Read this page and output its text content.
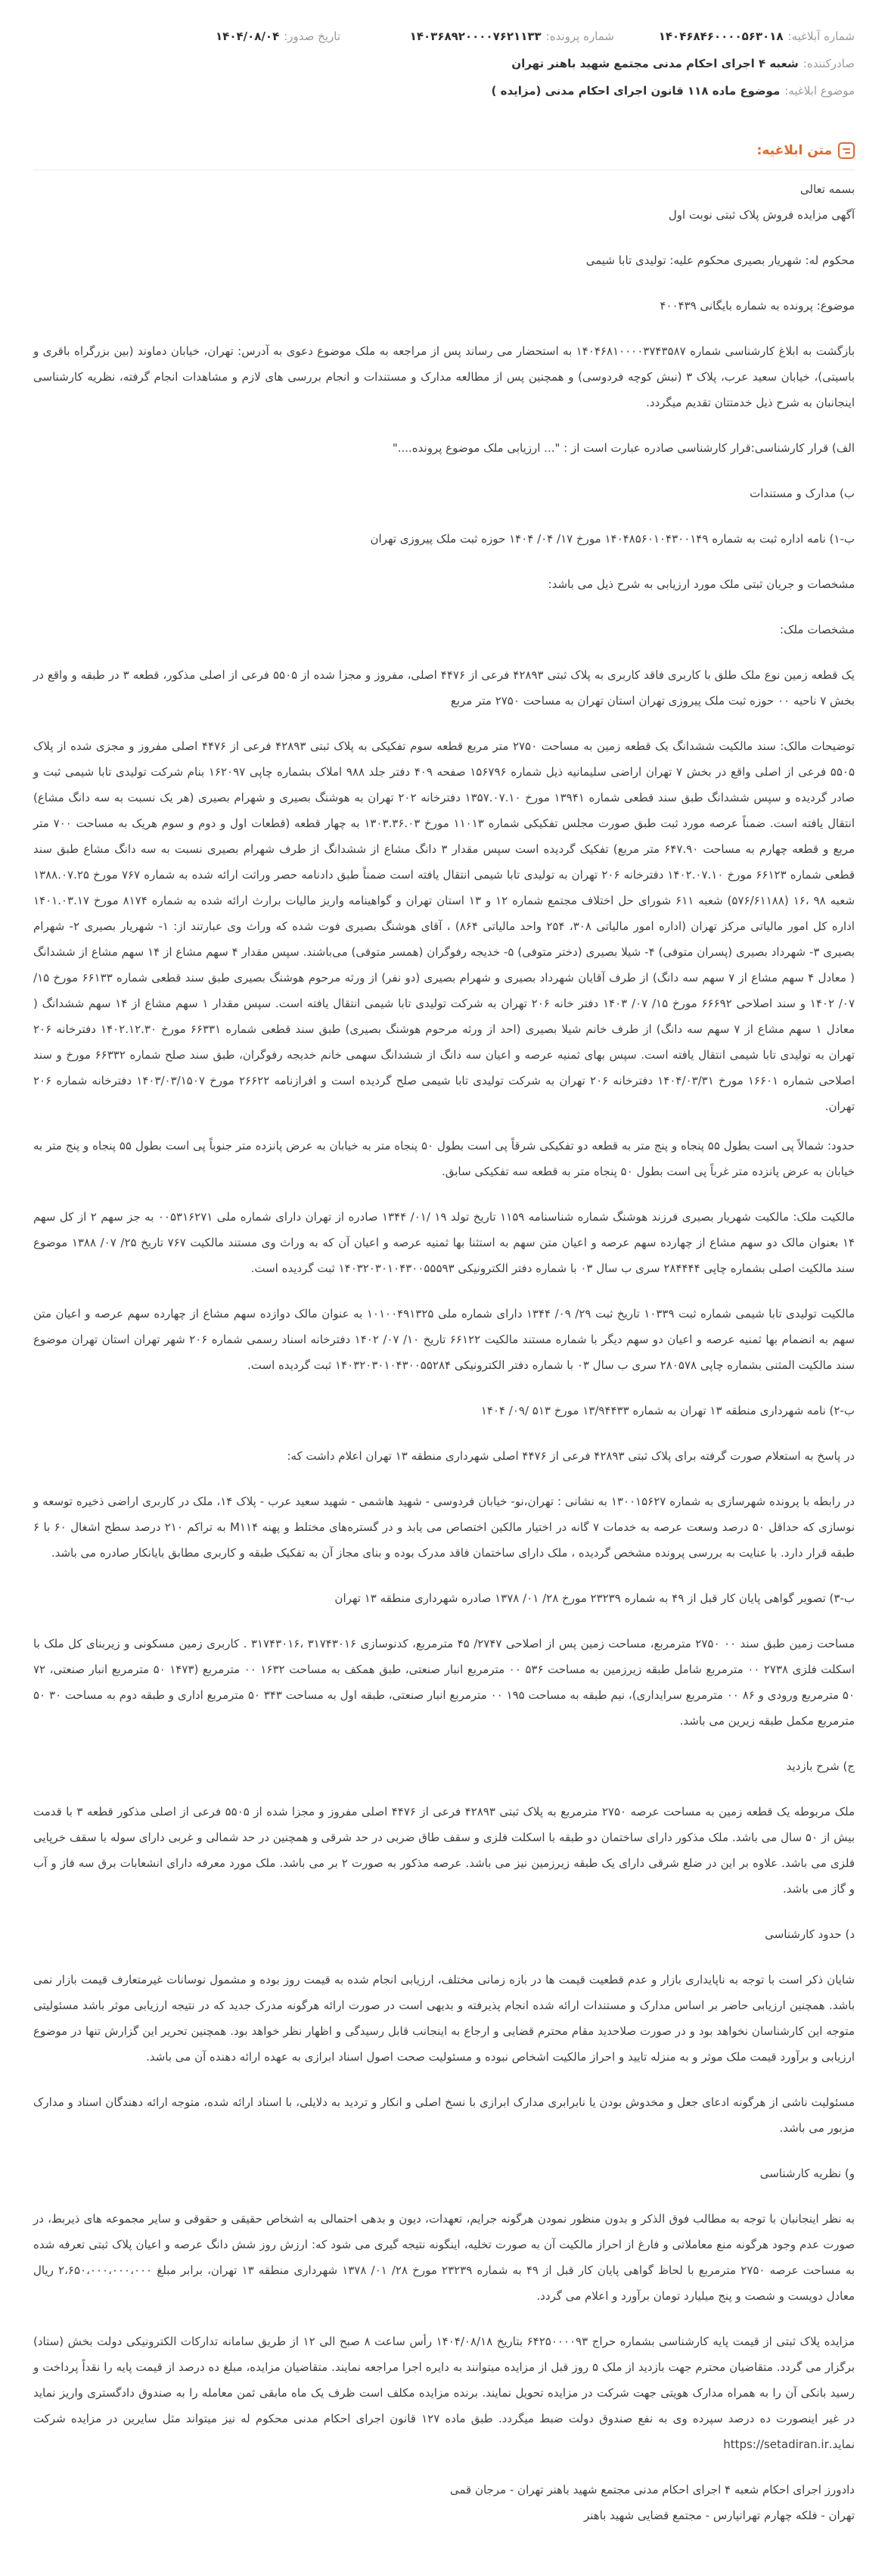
شماره آبلاغیه:
۱۴۰۴۶۸۴۶۰۰۰۰۵۶۳۰۱۸
شماره پرونده:
۱۴۰۳۶۸۹۲۰۰۰۰۷۶۲۱۱۳۳
تاریخ صدور:
۱۴۰۴/۰۸/۰۴
صادرکننده:
شعبه ۴ اجرای احکام مدنی مجتمع شهید باهنر تهران
موضوع ابلاغیه:
موضوع ماده ۱۱۸ قانون اجرای احکام مدنی (مزایده )
متن ابلاغیه:

بسمه تعالی

آگهی مزایده فروش پلاک ثبتی نوبت اول

محکوم له: شهریار بصیری محکوم علیه: تولیدی تابا شیمی

موضوع: پرونده به شماره بایگانی ۴۰۰۴۳۹

بازگشت به ابلاغ کارشناسی شماره ۱۴۰۴۶۸۱۰۰۰۰۳۷۴۳۵۸۷ به استحضار می رساند پس از مراجعه به ملک موضوع دعوی به آدرس: تهران، خیابان دماوند (بین بزرگراه باقری و باسیتی)، خیابان سعید عرب، پلاک ۳ (نبش کوچه فردوسی) و همچنین پس از مطالعه مدارک و مستندات و انجام بررسی های لازم و مشاهدات انجام گرفته، نظریه کارشناسی اینجانبان به شرح ذیل خدمتتان تقدیم میگردد.

الف) قرار کارشناسی:قرار کارشناسی صادره عبارت است از : "... ارزیابی ملک موضوع پرونده...."

ب) مدارک و مستندات

ب-۱) نامه اداره ثبت به شماره ۱۴۰۴۸۵۶۰۱۰۴۳۰۰۱۴۹ مورخ ۱۷/ ۰۴/ ۱۴۰۴ حوزه ثبت ملک پیروزی تهران

مشخصات و جریان ثبتی ملک مورد ارزیابی به شرح ذیل می باشد:

مشخصات ملک:

یک قطعه زمین نوع ملک طلق با کاربری فاقد کاربری به پلاک ثبتی ۴۲۸۹۳ فرعی از ۴۴۷۶ اصلی، مفروز و مجزا شده از ۵۵۰۵ فرعی از اصلی مذکور، قطعه ۳ در طبقه و واقع در بخش ۷ ناحیه ۰۰ حوزه ثبت ملک پیروزی تهران استان تهران به مساحت ۲۷۵۰ متر مربع

توضیحات مالک: سند مالکیت ششدانگ یک قطعه زمین به مساحت ۲۷۵۰ متر مربع قطعه سوم تفکیکی به پلاک ثبتی ۴۲۸۹۳ فرعی از ۴۴۷۶ اصلی مفروز و مجزی شده از پلاک ۵۵۰۵ فرعی از اصلی واقع در بخش ۷ تهران اراضی سلیمانیه ذیل شماره ۱۵۶۷۹۶ صفحه ۴۰۹ دفتر جلد ۹۸۸ املاک بشماره چاپی ۱۶۲۰۹۷ بنام شرکت تولیدی تابا شیمی ثبت و صادر گردیده و سپس ششدانگ طبق سند قطعی شماره ۱۳۹۴۱ مورخ ۱۳۵۷.۰۷.۱۰ دفترخانه ۲۰۲ تهران به هوشنگ بصیری و شهرام بصیری (هر یک نسبت به سه دانگ مشاع) انتقال یافته است. ضمناً عرصه مورد ثبت طبق صورت مجلس تفکیکی شماره ۱۱۰۱۳ مورخ ۱۳۰۳.۳۶.۰۳ به چهار قطعه (قطعات اول و دوم و سوم هریک به مساحت ۷۰۰ متر مربع و قطعه چهارم به مساحت ۶۴۷.۹۰ متر مربع) تفکیک گردیده است سپس مقدار ۳ دانگ مشاع از ششدانگ از طرف شهرام بصیری نسبت به سه دانگ مشاع طبق سند قطعی شماره ۶۶۱۲۳ مورخ ۱۴۰۲.۰۷.۱۰ دفترخانه ۲۰۶ تهران به تولیدی تابا شیمی انتقال یافته است ضمناً طبق دادنامه حصر وراثت ارائه شده به شماره ۷۶۷ مورخ ۱۳۸۸.۰۷.۲۵ شعبه ۹۸ ،۱۶ (۵۷۶/۶۱۱۸۸) شعبه ۶۱۱ شورای حل اختلاف مجتمع شماره ۱۲ و ۱۳ استان تهران و گواهینامه واریز مالیات برارث ارائه شده به شماره ۸۱۷۴ مورخ ۱۴۰۱.۰۳.۱۷ اداره کل امور مالیاتی مرکز تهران (اداره امور مالیاتی ۳۰۸، ۲۵۴ واحد مالیاتی ۸۶۴) ، آقای هوشنگ بصیری فوت شده که وراث وی عبارتند از: ۱- شهریار بصیری ۲- شهرام بصیری ۳- شهرداد بصیری (پسران متوفی) ۴- شیلا بصیری (دختر متوفی) ۵- خدیجه رفوگران (همسر متوفی) می‌باشند. سپس مقدار ۴ سهم مشاع از ۱۴ سهم مشاع از ششدانگ ( معادل ۴ سهم مشاع از ۷ سهم سه دانگ) از طرف آقایان شهرداد بصیری و شهرام بصیری (دو نفر) از ورثه مرحوم هوشنگ بصیری طبق سند قطعی شماره ۶۶۱۳۳ مورخ ۱۵/ ۰۷/ ۱۴۰۲ و سند اصلاحی ۶۶۶۹۲ مورخ ۱۵/ ۰۷/ ۱۴۰۳ دفتر خانه ۲۰۶ تهران به شرکت تولیدی تابا شیمی انتقال یافته است. سپس مقدار ۱ سهم مشاع از ۱۴ سهم ششدانگ ( معادل ۱ سهم مشاع از ۷ سهم سه دانگ) از طرف خانم شیلا بصیری (احد از ورثه مرحوم هوشنگ بصیری) طبق سند قطعی شماره ۶۶۳۳۱ مورخ ۱۴۰۲.۱۲.۳۰ دفترخانه ۲۰۶ تهران به تولیدی تابا شیمی انتقال یافته است. سپس بهای ثمنیه عرصه و اعیان سه دانگ از ششدانگ سهمی خانم خدیجه رفوگران، طبق سند صلح شماره ۶۶۳۳۲ مورخ و سند اصلاحی شماره ۱۶۶۰۱ مورخ ۱۴۰۴/۰۳/۳۱ دفترخانه ۲۰۶ تهران به شرکت تولیدی تابا شیمی صلح گردیده است و افرازنامه ۲۶۶۲۲ مورخ ۱۴۰۳/۰۳/۱۵۰۷ دفترخانه شماره ۲۰۶ تهران.

حدود: شمالاً پی است بطول ۵۵ پنجاه و پنج متر به قطعه دو تفکیکی شرقاً پی است بطول ۵۰ پنجاه متر به خیابان به عرض پانزده متر جنوباً پی است بطول ۵۵ پنجاه و پنج متر به خیابان به عرض پانزده متر غرباً پی است بطول ۵۰ پنجاه متر به قطعه سه تفکیکی سابق.

مالکیت ملک: مالکیت شهریار بصیری فرزند هوشنگ شماره شناسنامه ۱۱۵۹ تاریخ تولد ۱۹ /۰۱/ ۱۳۴۴ صادره از تهران دارای شماره ملی ۰۰۵۳۱۶۲۷۱ به جز سهم ۲ از کل سهم ۱۴ بعنوان مالک دو سهم مشاع از چهارده سهم عرصه و اعیان متن سهم به استثنا بها ثمنیه عرصه و اعیان آن که به وراث وی مستند مالکیت ۷۶۷ تاریخ ۲۵/ ۰۷/ ۱۳۸۸ موضوع سند مالکیت اصلی بشماره چاپی ۲۸۴۴۴۴ سری ب سال ۰۳ با شماره دفتر الکترونیکی ۱۴۰۳۲۰۳۰۱۰۴۳۰۰۵۵۵۹۳ ثبت گردیده است.

مالکیت تولیدی تابا شیمی شماره ثبت ۱۰۳۳۹ تاریخ ثبت ۲۹/ ۰۹/ ۱۳۴۴ دارای شماره ملی ۱۰۱۰۰۴۹۱۳۲۵ به عنوان مالک دوازده سهم مشاع از چهارده سهم عرصه و اعیان متن سهم به انضمام بها ثمنیه عرصه و اعیان دو سهم دیگر با شماره مستند مالکیت ۶۶۱۲۲ تاریخ ۱۰/ ۰۷/ ۱۴۰۲ دفترخانه اسناد رسمی شماره ۲۰۶ شهر تهران استان تهران موضوع سند مالکیت المثنی بشماره چاپی ۲۸۰۵۷۸ سری ب سال ۰۳ با شماره دفتر الکترونیکی ۱۴۰۳۲۰۳۰۱۰۴۳۰۰۵۵۲۸۴ ثبت گردیده است.

ب-۲) نامه شهرداری منطقه ۱۳ تهران به شماره ۱۳/۹۴۴۳۳ مورخ ۵۱۳ /۰۹/ ۱۴۰۴

در پاسخ به استعلام صورت گرفته برای پلاک ثبتی ۴۲۸۹۳ فرعی از ۴۴۷۶ اصلی شهرداری منطقه ۱۳ تهران اعلام داشت که:

در رابطه با پرونده شهرسازی به شماره ۱۳۰۰۱۵۶۲۷ به نشانی : تهران،نو- خیابان فردوسی - شهید هاشمی - شهید سعید عرب - پلاک ۱۴، ملک در کاربری اراضی ذخیره توسعه و نوسازی که حداقل ۵۰ درصد وسعت عرصه به خدمات ۷ گانه در اختیار مالکین اختصاص می یابد و در گستره‌های مختلط و پهنه M۱۱۴ به تراکم ۲۱۰ درصد سطح اشغال ۶۰ با ۶ طبقه قرار دارد. با عنایت به بررسی پرونده مشخص گردیده ، ملک دارای ساختمان فاقد مدرک بوده و بنای مجاز آن به تفکیک طبقه و کاربری مطابق بایانکار صادره می باشد.

ب-۳) تصویر گواهی پایان کار قبل از ۴۹ به شماره ۲۳۲۳۹ مورخ ۲۸/ ۰۱/ ۱۳۷۸ صادره شهرداری منطقه ۱۳ تهران

مساحت زمین طبق سند ۰۰ ۲۷۵۰ مترمربع، مساحت زمین پس از اصلاحی ۲۷۴۷/ ۴۵ مترمربع، کدنوسازی ۳۱۷۴۳۰۱۶ ،۳۱۷۴۳۰۱۶ . کاربری زمین مسکونی و زیربنای کل ملک با اسکلت فلزی ۲۷۳۸ ۰۰ مترمربع شامل طبقه زیرزمین به مساحت ۵۳۶ ۰۰ مترمربع انبار صنعتی، طبق همکف به مساحت ۱۶۳۲ ۰۰ مترمربع (۱۴۷۳ ۵۰ مترمربع انبار صنعتی، ۷۲ ۵۰ مترمربع ورودی و ۸۶ ۰۰ مترمربع سرایداری)، نیم طبقه به مساحت ۱۹۵ ۰۰ مترمربع انبار صنعتی، طبقه اول به مساحت ۳۴۳ ۵۰ مترمربع اداری و طبقه دوم به مساحت ۳۰ ۵۰ مترمربع مکمل طبقه زیرین می باشد.

ج) شرح بازدید

ملک مربوطه یک قطعه زمین به مساحت عرصه ۲۷۵۰ مترمربع به پلاک ثبتی ۴۲۸۹۳ فرعی از ۴۴۷۶ اصلی مفروز و مجزا شده از ۵۵۰۵ فرعی از اصلی مذکور قطعه ۳ با قدمت بیش از ۵۰ سال می باشد. ملک مذکور دارای ساختمان دو طبقه با اسکلت فلزی و سقف طاق ضربی در حد شرقی و همچنین در حد شمالی و غربی دارای سوله با سقف خرپایی فلزی می باشد. علاوه بر این در ضلع شرقی دارای یک طبقه زیرزمین نیز می باشد. عرصه مذکور به صورت ۲ بر می باشد. ملک مورد معرفه دارای انشعابات برق سه فاز و آب و گاز می باشد.

د) حدود کارشناسی

شایان ذکر است با توجه به ناپایداری بازار و عدم قطعیت قیمت ها در بازه زمانی مختلف، ارزیابی انجام شده به قیمت روز بوده و مشمول نوسانات غیرمتعارف قیمت بازار نمی باشد. همچنین ارزیابی حاضر بر اساس مدارک و مستندات ارائه شده انجام پذیرفته و بدیهی است در صورت ارائه هرگونه مدرک جدید که در نتیجه ارزیابی موثر باشد مسئولیتی متوجه این کارشناسان نخواهد بود و در صورت صلاحدید مقام محترم قضایی و ارجاع به اینجانب قابل رسیدگی و اظهار نظر خواهد بود. همچنین تحریر این گزارش تنها در موضوع ارزیابی و برآورد قیمت ملک موثر و به منزله تایید و احراز مالکیت اشخاص نبوده و مسئولیت صحت اصول اسناد ابرازی به عهده ارائه دهنده آن می باشد.

مسئولیت ناشی از هرگونه ادعای جعل و مخدوش بودن یا نابرابری مدارک ابرازی با نسخ اصلی و انکار و تردید به دلایلی، با اسناد ارائه شده، متوجه ارائه دهندگان اسناد و مدارک مزبور می باشد.

و) نظریه کارشناسی

به نظر اینجانبان با توجه به مطالب فوق الذکر و بدون منظور نمودن هرگونه جرایم، تعهدات، دیون و بدهی احتمالی به اشخاص حقیقی و حقوقی و سایر مجموعه های ذیربط، در صورت عدم وجود هرگونه منع معاملاتی و فارغ از احراز مالکیت آن به صورت تخلیه، اینگونه نتیجه گیری می شود که: ارزش روز شش دانگ عرصه و اعیان پلاک ثبتی تعرفه شده به مساحت عرصه ۲۷۵۰ مترمربع با لحاظ گواهی پایان کار قبل از ۴۹ به شماره ۲۳۲۳۹ مورخ ۲۸/ ۰۱/ ۱۳۷۸ شهرداری منطقه ۱۳ تهران، برابر مبلغ ۲،۶۵۰،۰۰۰،۰۰۰،۰۰۰ ریال معادل دویست و شصت و پنج میلیارد تومان برآورد و اعلام می گردد.

مزایده پلاک ثبتی از قیمت پایه کارشناسی بشماره حراج ۶۴۲۵۰۰۰۰۹۳ بتاریخ ۱۴۰۴/۰۸/۱۸ رأس ساعت ۸ صبح الی ۱۲ از طریق سامانه تدارکات الکترونیکی دولت بخش (ستاد) برگزار می گردد. متقاضیان محترم جهت بازدید از ملک ۵ روز قبل از مزایده میتوانند به دایره اجرا مراجعه نمایند. متقاضیان مزایده، مبلغ ده درصد از قیمت پایه را نقداً پرداخت و رسید بانکی آن را به همراه مدارک هویتی جهت شرکت در مزایده تحویل نمایند. برنده مزایده مکلف است ظرف یک ماه مابقی ثمن معامله را به صندوق دادگستری واریز نماید در غیر اینصورت ده درصد سپرده وی به نفع صندوق دولت ضبط میگردد. طبق ماده ۱۲۷ قانون اجرای احکام مدنی محکوم له نیز میتواند مثل سایرین در مزایده شرکت نماید.https://setadiran.ir

دادورز اجرای احکام شعبه ۴ اجرای احکام مدنی مجتمع شهید باهنر تهران - مرجان قمی

تهران - فلکه چهارم تهرانپارس - مجتمع قضایی شهید باهنر
